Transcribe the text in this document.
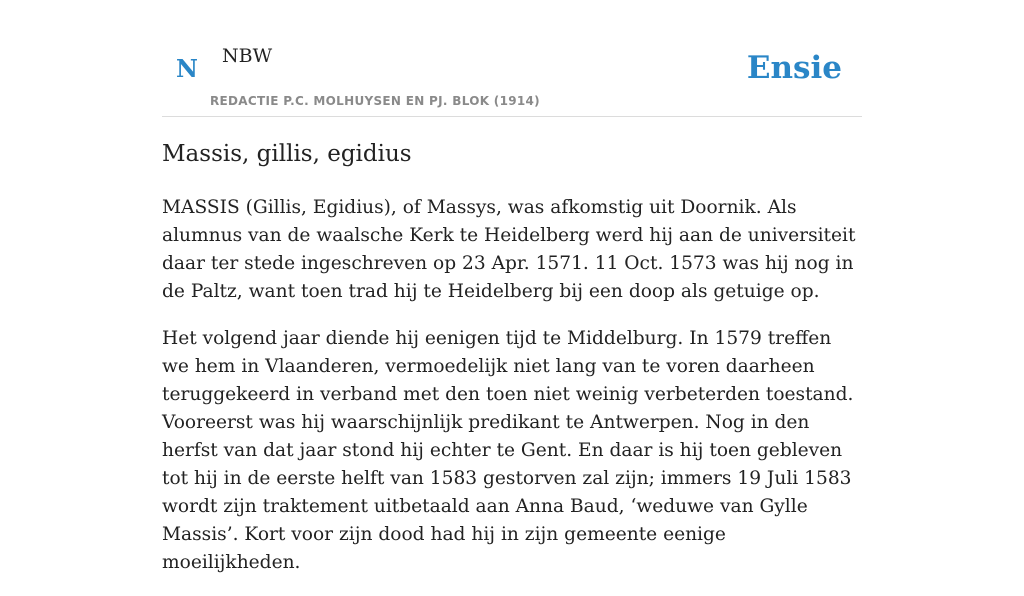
N NBW
REDACTIE P.C. MOLHUYSEN EN PJ. BLOK (1914)
Ensie
Massis, gillis, egidius

MASSIS (Gillis, Egidius), of Massys, was afkomstig uit Doornik. Als alumnus van de waalsche Kerk te Heidelberg werd hij aan de universiteit daar ter stede ingeschreven op 23 Apr. 1571. 11 Oct. 1573 was hij nog in de Paltz, want toen trad hij te Heidelberg bij een doop als getuige op.

Het volgend jaar diende hij eenigen tijd te Middelburg. In 1579 treffen we hem in Vlaanderen, vermoedelijk niet lang van te voren daarheen teruggekeerd in verband met den toen niet weinig verbeterden toestand. Vooreerst was hij waarschijnlijk predikant te Antwerpen. Nog in den herfst van dat jaar stond hij echter te Gent. En daar is hij toen gebleven tot hij in de eerste helft van 1583 gestorven zal zijn; immers 19 Juli 1583 wordt zijn traktement uitbetaald aan Anna Baud, ‘weduwe van Gylle Massis’. Kort voor zijn dood had hij in zijn gemeente eenige moeilijkheden.
